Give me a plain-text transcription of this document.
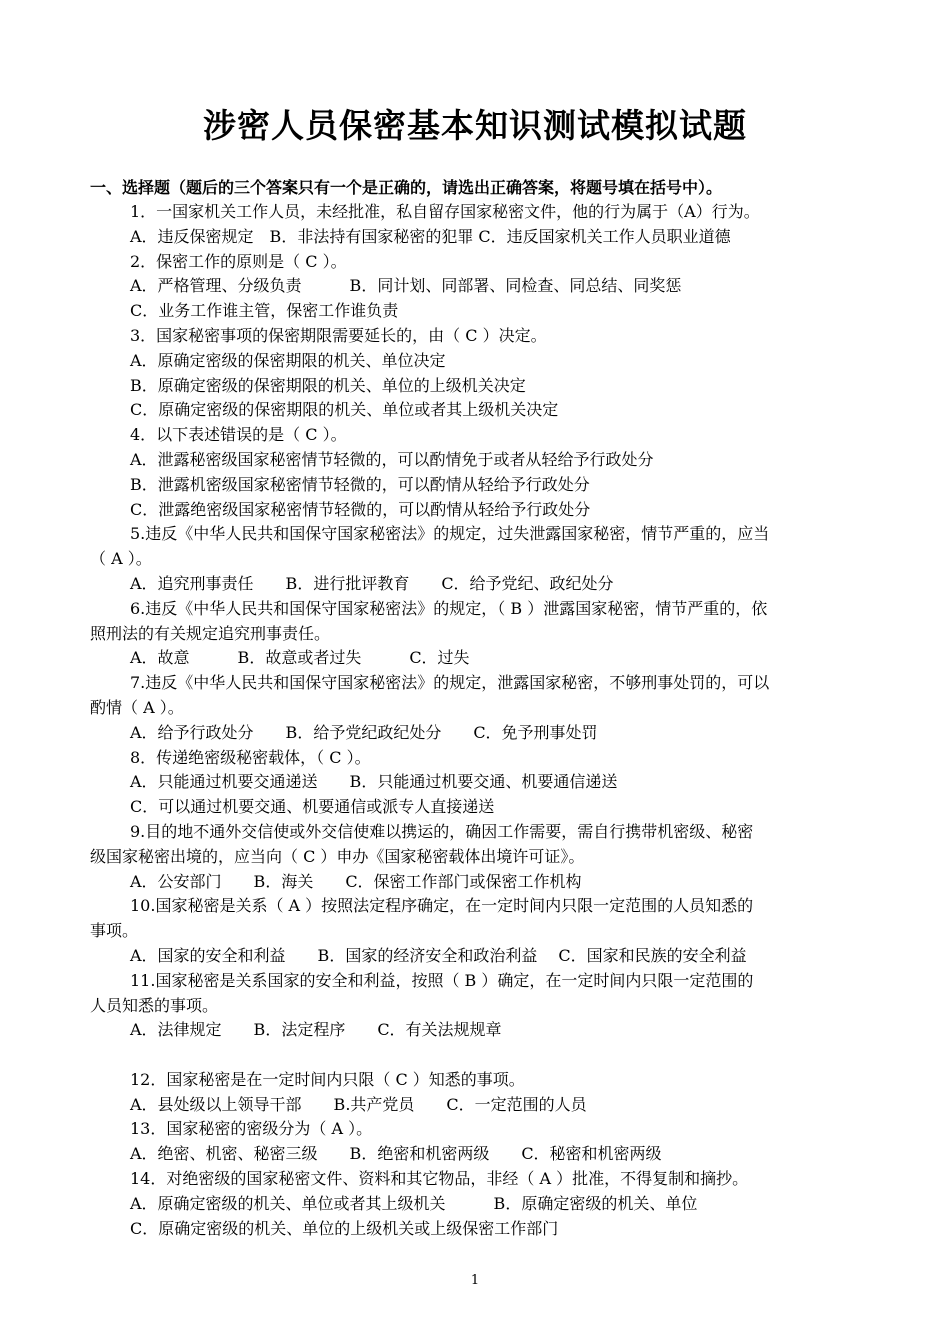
涉密人员保密基本知识测试模拟试题
一、选择题（题后的三个答案只有一个是正确的，请选出正确答案，将题号填在括号中）。

1．一国家机关工作人员，未经批准，私自留存国家秘密文件，他的行为属于（A）行为。

A．违反保密规定　B．非法持有国家秘密的犯罪 C．违反国家机关工作人员职业道德

2．保密工作的原则是（ C ）。

A．严格管理、分级负责　　　B．同计划、同部署、同检查、同总结、同奖惩

C．业务工作谁主管，保密工作谁负责

3．国家秘密事项的保密期限需要延长的，由（ C ）决定。

A．原确定密级的保密期限的机关、单位决定

B．原确定密级的保密期限的机关、单位的上级机关决定

C．原确定密级的保密期限的机关、单位或者其上级机关决定

4．以下表述错误的是（ C ）。

A．泄露秘密级国家秘密情节轻微的，可以酌情免于或者从轻给予行政处分

B．泄露机密级国家秘密情节轻微的，可以酌情从轻给予行政处分

C．泄露绝密级国家秘密情节轻微的，可以酌情从轻给予行政处分

5.违反《中华人民共和国保守国家秘密法》的规定，过失泄露国家秘密，情节严重的，应当

（ A ）。

A．追究刑事责任　　B．进行批评教育　　C．给予党纪、政纪处分

6.违反《中华人民共和国保守国家秘密法》的规定，（ B ）泄露国家秘密，情节严重的，依

照刑法的有关规定追究刑事责任。

A．故意　　　B．故意或者过失　　　C．过失

7.违反《中华人民共和国保守国家秘密法》的规定，泄露国家秘密，不够刑事处罚的，可以

酌情（ A ）。

A．给予行政处分　　B．给予党纪政纪处分　　C．免予刑事处罚

8．传递绝密级秘密载体，（ C ）。

A．只能通过机要交通递送　　B．只能通过机要交通、机要通信递送

C．可以通过机要交通、机要通信或派专人直接递送

9.目的地不通外交信使或外交信使难以携运的，确因工作需要，需自行携带机密级、秘密

级国家秘密出境的，应当向（ C ）申办《国家秘密载体出境许可证》。

A．公安部门　　B．海关　　C．保密工作部门或保密工作机构

10.国家秘密是关系（ A ）按照法定程序确定，在一定时间内只限一定范围的人员知悉的

事项。

A．国家的安全和利益　　B．国家的经济安全和政治利益　 C．国家和民族的安全利益

11.国家秘密是关系国家的安全和利益，按照（ B ）确定，在一定时间内只限一定范围的

人员知悉的事项。

A．法律规定　　B．法定程序　　C．有关法规规章

12．国家秘密是在一定时间内只限（ C ）知悉的事项。

A．县处级以上领导干部　　B.共产党员　　C．一定范围的人员

13．国家秘密的密级分为（ A ）。

A．绝密、机密、秘密三级　　B．绝密和机密两级　　C．秘密和机密两级

14．对绝密级的国家秘密文件、资料和其它物品，非经（ A ）批准，不得复制和摘抄。

A．原确定密级的机关、单位或者其上级机关　　　B．原确定密级的机关、单位

C．原确定密级的机关、单位的上级机关或上级保密工作部门

1
